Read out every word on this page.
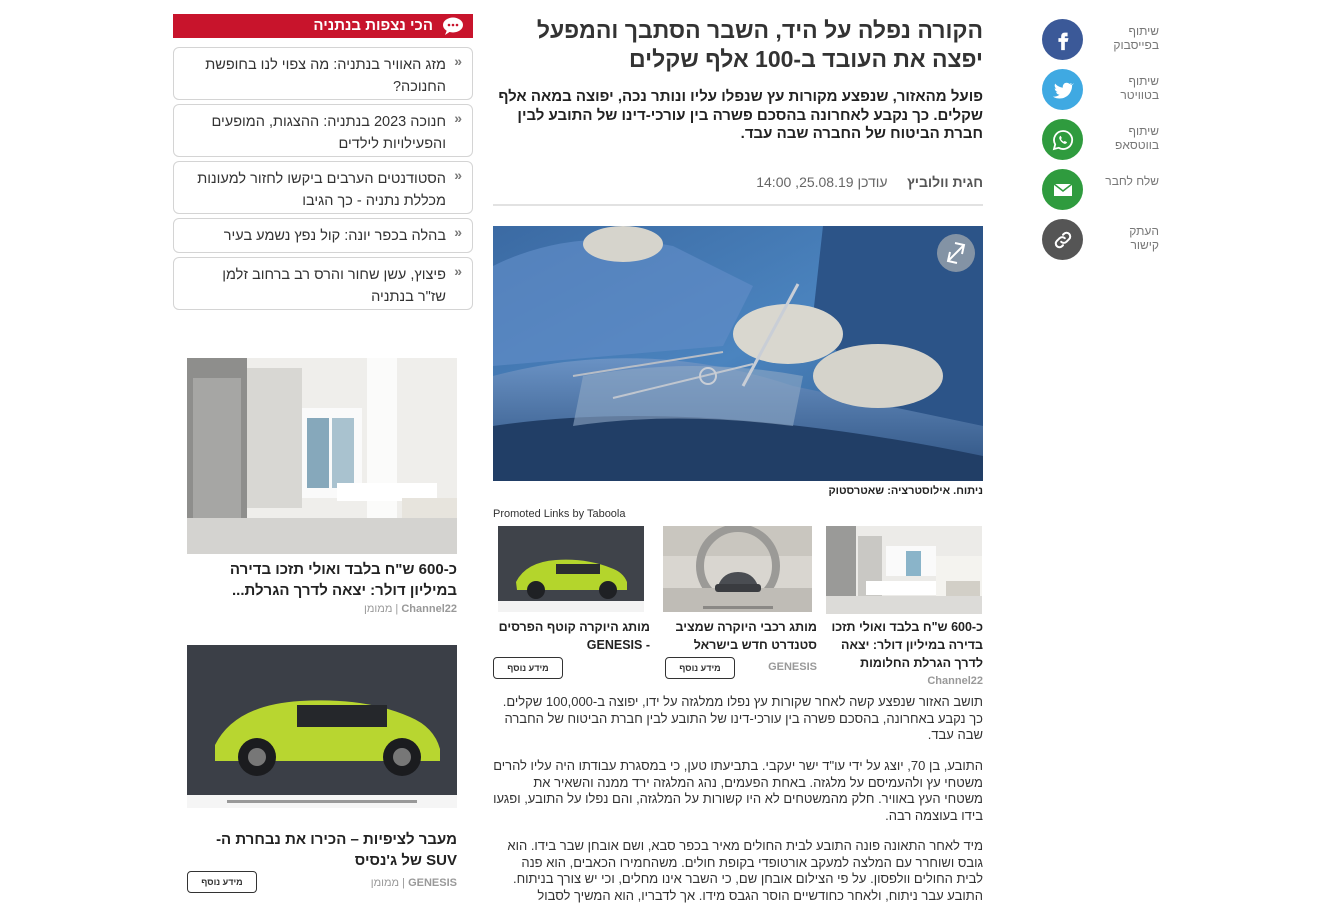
שיתוף בפייסבוק
שיתוף בטוויטר
שיתוף בווטסאפ
שלח לחבר
העתק קישור
הקורה נפלה על היד, השבר הסתבך והמפעל יפצה את העובד ב-100 אלף שקלים
פועל מהאזור, שנפצע מקורות עץ שנפלו עליו ונותר נכה, יפוצה במאה אלף שקלים. כך נקבע לאחרונה בהסכם פשרה בין עורכי-דינו של התובע לבין חברת הביטוח של החברה שבה עבד.
חגית וולוביץ     עודכן 25.08.19, 14:00
ניתוח. אילוסטרציה: שאטרסטוק
Promoted Links by Taboola
כ-600 ש"ח בלבד ואולי תזכו בדירה במיליון דולר: יצאה לדרך הגרלת החלומות
Channel22
מותג רכבי היוקרה שמציב סטנדרט חדש בישראל
GENESIS
מידע נוסף
מותג היוקרה קוטף הפרסים - GENESIS
מידע נוסף
תושב האזור שנפצע קשה לאחר שקורות עץ נפלו ממלגזה על ידו, יפוצה ב-100,000 שקלים. כך נקבע באחרונה, בהסכם פשרה בין עורכי-דינו של התובע לבין חברת הביטוח של החברה שבה עבד.
התובע, בן 70, יוצג על ידי עו"ד ישר יעקבי. בתביעתו טען, כי במסגרת עבודתו היה עליו להרים משטחי עץ ולהעמיסם על מלגזה. באחת הפעמים, נהג המלגזה ירד ממנה והשאיר את משטחי העץ באוויר. חלק מהמשטחים לא היו קשורות על המלגזה, והם נפלו על התובע, ופגעו בידו בעוצמה רבה.
מיד לאחר התאונה פונה התובע לבית החולים מאיר בכפר סבא, ושם אובחן שבר בידו. הוא גובס ושוחרר עם המלצה למעקב אורטופדי בקופת חולים. משהחמירו הכאבים, הוא פנה לבית החולים וולפסון. על פי הצילום אובחן שם, כי השבר אינו מחלים, וכי יש צורך בניתוח. התובע עבר ניתוח, ולאחר כחודשיים הוסר הגבס מידו. אך לדבריו, הוא המשיך לסבול
הכי נצפות בנתניה
«
מזג האוויר בנתניה: מה צפוי לנו בחופשת החנוכה?
«
חנוכה 2023 בנתניה: ההצגות, המופעים והפעילויות לילדים
«
הסטודנטים הערבים ביקשו לחזור למעונות מכללת נתניה - כך הגיבו
«
בהלה בכפר יונה: קול נפץ נשמע בעיר
«
פיצוץ, עשן שחור והרס רב ברחוב זלמן שז"ר בנתניה
כ-600 ש"ח בלבד ואולי תזכו בדירה במיליון דולר: יצאה לדרך הגרלת...
Channel22 | ממומן
מעבר לציפיות – הכירו את נבחרת ה-SUV של ג'נסיס
GENESIS | ממומן
מידע נוסף
